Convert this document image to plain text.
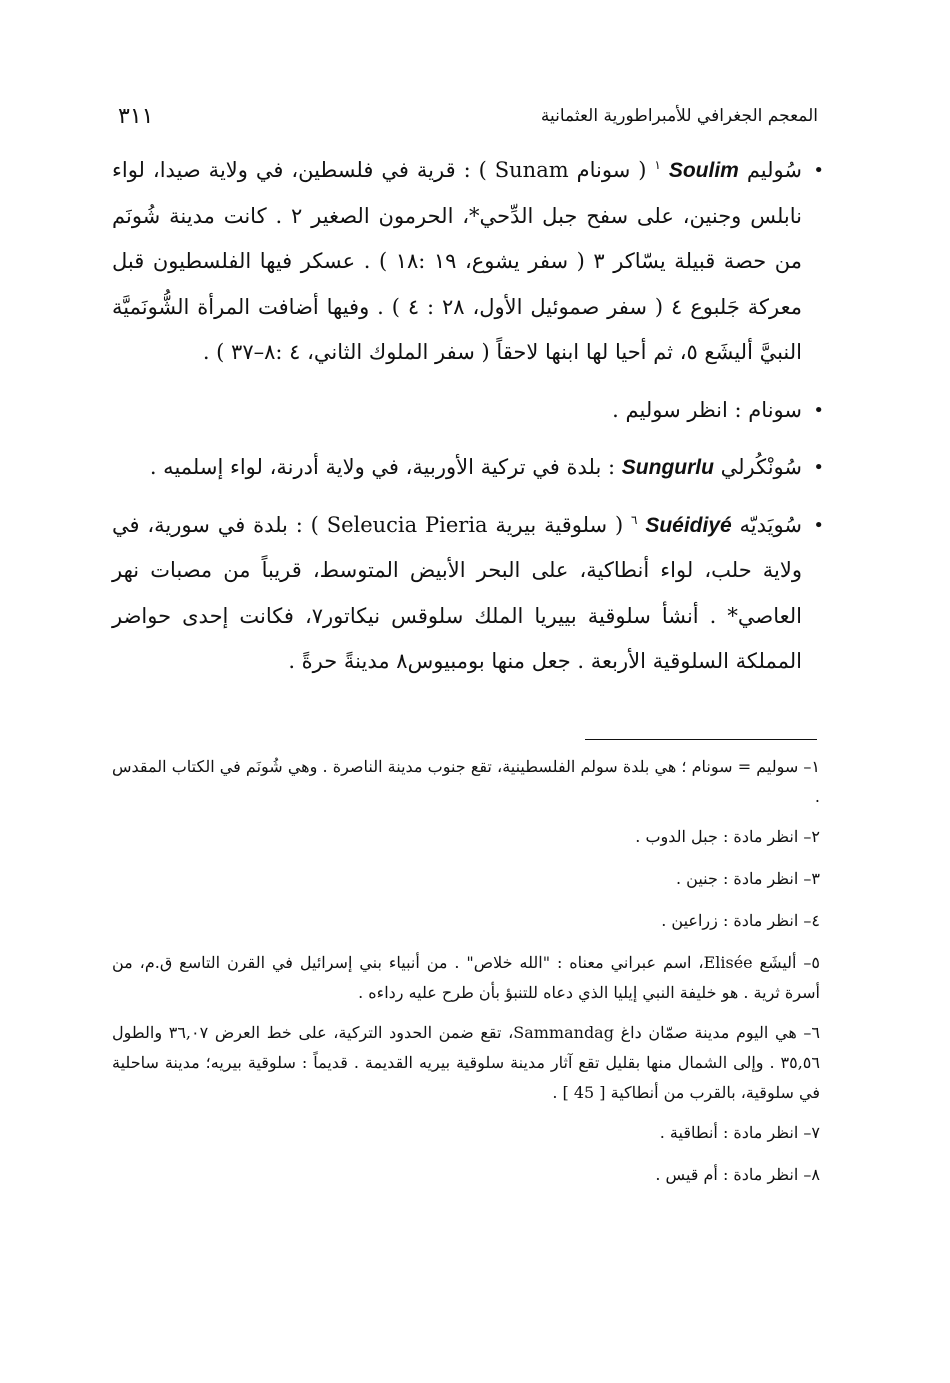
المعجم الجغرافي للأمبراطورية العثمانية
٣١١

•
سُوليم Soulim $^١$ ( سونام Sunam ) : قرية في فلسطين، في ولاية صيدا، لواء نابلس وجنين، على سفح جبل الدِّحي*، الحرمون الصغير ٢ . كانت مدينة شُونَم من حصة قبيلة يسّاكر ٣ ( سفر يشوع، ١٩ :١٨ ) . عسكر فيها الفلسطيون قبل معركة جَلبوع ٤ ( سفر صموئيل الأول، ٢٨ : ٤ ) . وفيها أضافت المرأة الشُّونَميَّة النبيَّ أليشَع ٥، ثم أحيا لها ابنها لاحقاً ( سفر الملوك الثاني، ٤ :٨–٣٧ ) .

•
سونام : انظر سوليم .

•
سُونْكُرلي Sungurlu : بلدة في تركية الأوربية، في ولاية أدرنة، لواء إسلميه .

•
سُويَديّه Suéidiyé $^٦$ ( سلوقية بيرية Seleucia Pieria ) : بلدة في سورية، في ولاية حلب، لواء أنطاكية، على البحر الأبيض المتوسط، قريباً من مصبات نهر العاصي* . أنشأ سلوقية بييريا الملك سلوقس نيكاتور٧، فكانت إحدى حواضر المملكة السلوقية الأربعة . جعل منها بومبيوس٨ مدينةً حرةً .

١– سوليم = سونام ؛ هي بلدة سولم الفلسطينية، تقع جنوب مدينة الناصرة . وهي شُونَم في الكتاب المقدس .

٢– انظر مادة : جبل الدوب .

٣– انظر مادة : جنين .

٤– انظر مادة : زراعين .

٥– أليشَع Elisée، اسم عبراني معناه : "الله خلاص" . من أنبياء بني إسرائيل في القرن التاسع ق.م، من أسرة ثرية . هو خليفة النبي إيليا الذي دعاه للتنبؤ بأن طرح عليه رداءه .

٦– هي اليوم مدينة صمّان داغ Sammandag، تقع ضمن الحدود التركية، على خط العرض ٣٦,٠٧ والطول ٣٥,٥٦ . وإلى الشمال منها بقليل تقع آثار مدينة سلوقية بيريه القديمة . قديماً : سلوقية بيريه؛ مدينة ساحلية في سلوقية، بالقرب من أنطاكية [ 45 ] .

٧– انظر مادة : أنطاقية .

٨– انظر مادة : أم قيس .
